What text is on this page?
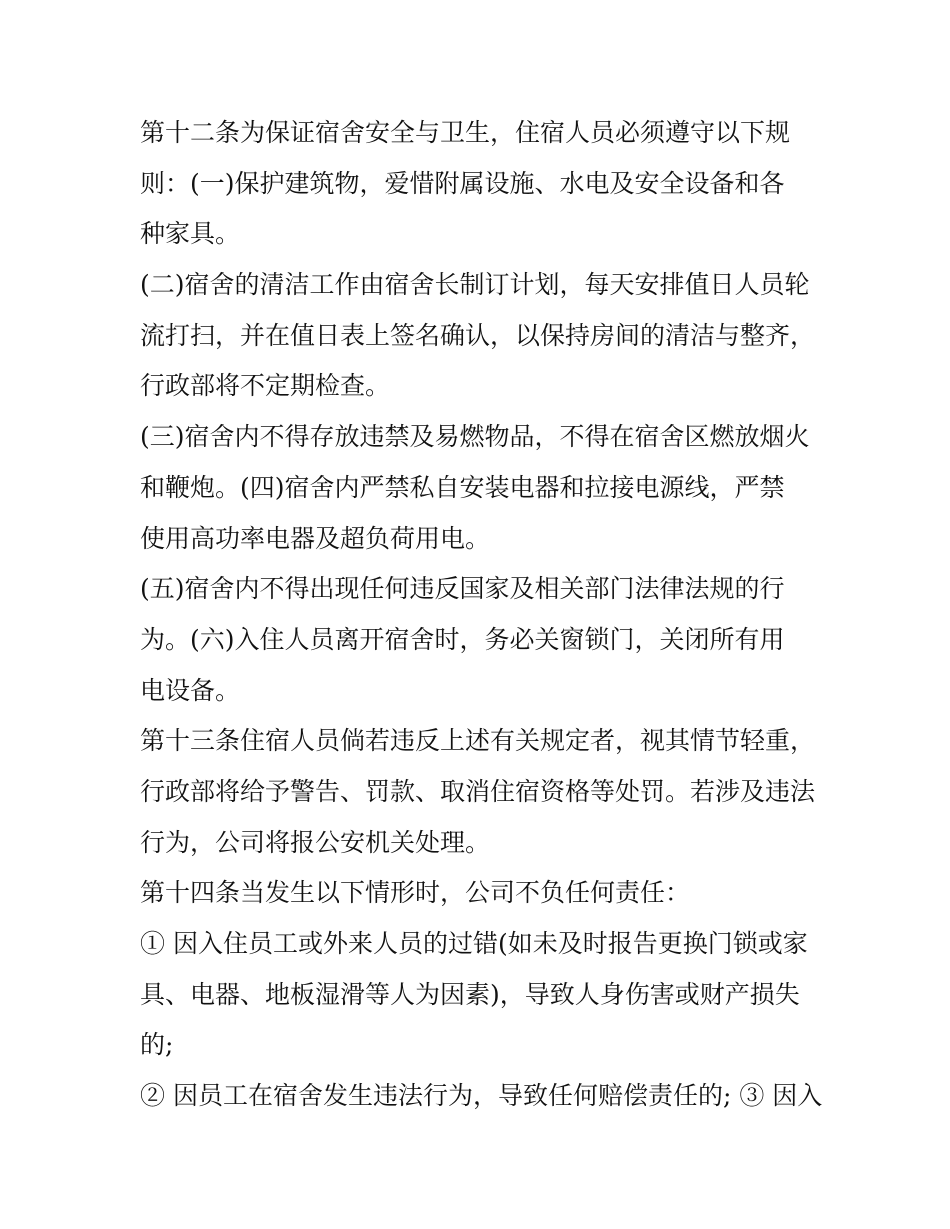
第十二条为保证宿舍安全与卫生，住宿人员必须遵守以下规
则：(一)保护建筑物，爱惜附属设施、水电及安全设备和各
种家具。

(二)宿舍的清洁工作由宿舍长制订计划，每天安排值日人员轮
流打扫，并在值日表上签名确认，以保持房间的清洁与整齐，
行政部将不定期检查。

(三)宿舍内不得存放违禁及易燃物品，不得在宿舍区燃放烟火
和鞭炮。(四)宿舍内严禁私自安装电器和拉接电源线，严禁
使用高功率电器及超负荷用电。

(五)宿舍内不得出现任何违反国家及相关部门法律法规的行
为。(六)入住人员离开宿舍时，务必关窗锁门，关闭所有用
电设备。

第十三条住宿人员倘若违反上述有关规定者，视其情节轻重，
行政部将给予警告、罚款、取消住宿资格等处罚。若涉及违法
行为，公司将报公安机关处理。

第十四条当发生以下情形时，公司不负任何责任：

① 因入住员工或外来人员的过错(如未及时报告更换门锁或家
具、电器、地板湿滑等人为因素)，导致人身伤害或财产损失
的;

② 因员工在宿舍发生违法行为，导致任何赔偿责任的; ③ 因入
